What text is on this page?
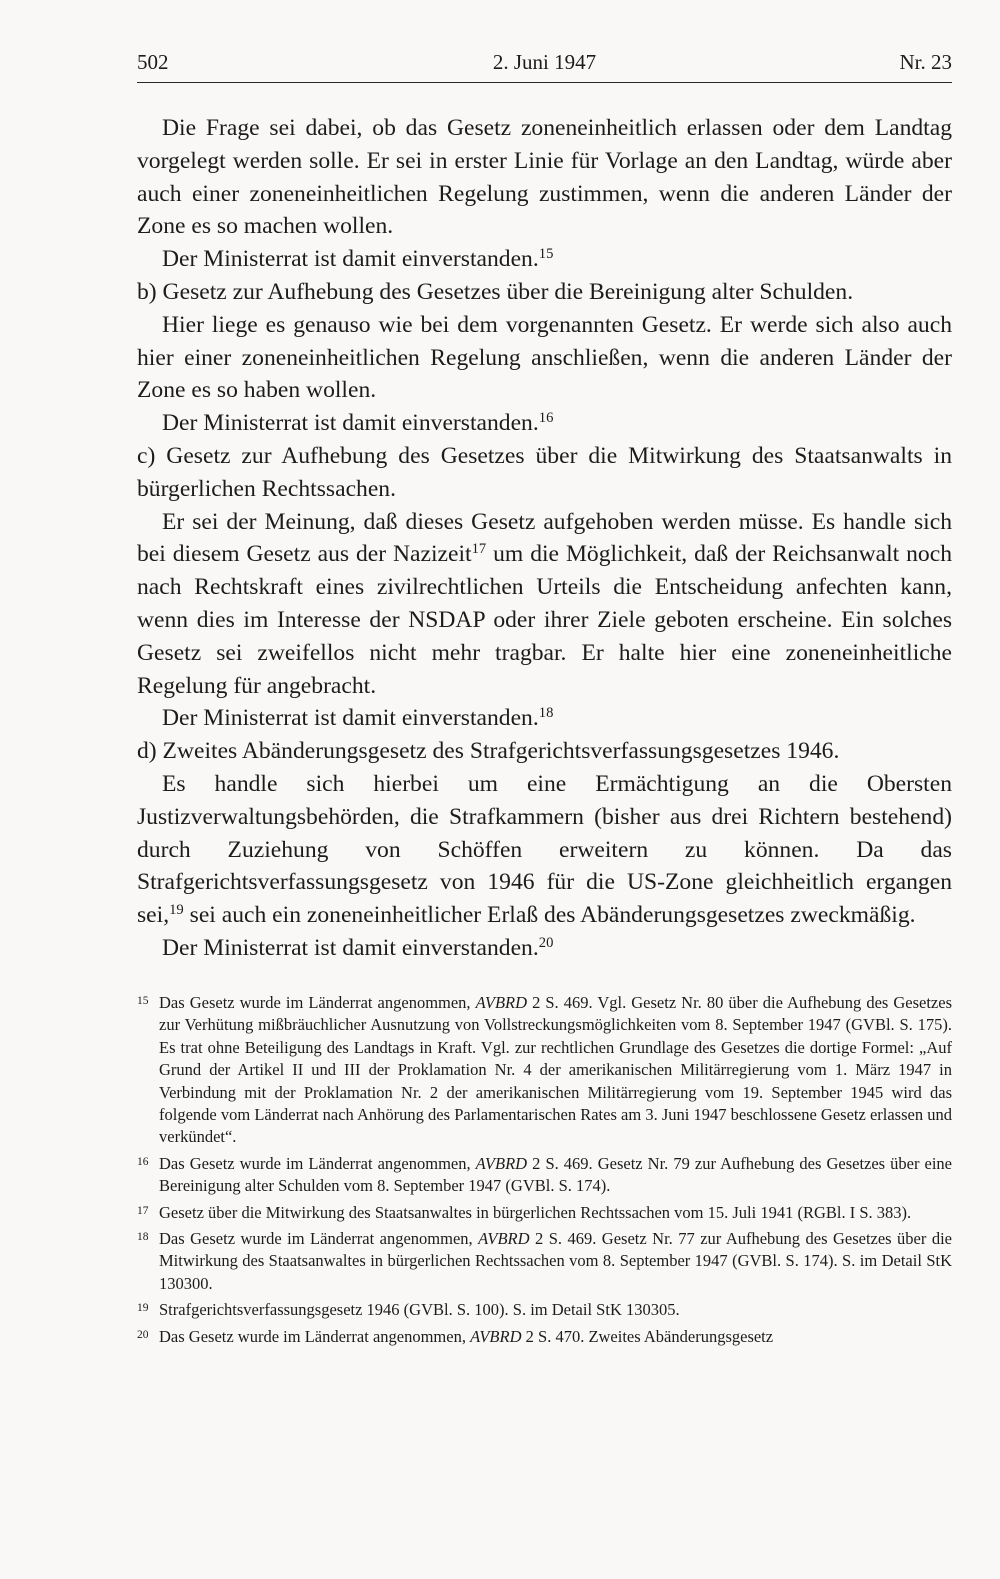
502	2. Juni 1947	Nr. 23

Die Frage sei dabei, ob das Gesetz zoneneinheitlich erlassen oder dem Landtag vorgelegt werden solle. Er sei in erster Linie für Vorlage an den Landtag, würde aber auch einer zoneneinheitlichen Regelung zustimmen, wenn die anderen Länder der Zone es so machen wollen.

Der Ministerrat ist damit einverstanden.$^{15}$

b) Gesetz zur Aufhebung des Gesetzes über die Bereinigung alter Schulden.

Hier liege es genauso wie bei dem vorgenannten Gesetz. Er werde sich also auch hier einer zoneneinheitlichen Regelung anschließen, wenn die anderen Länder der Zone es so haben wollen.

Der Ministerrat ist damit einverstanden.$^{16}$

c) Gesetz zur Aufhebung des Gesetzes über die Mitwirkung des Staatsanwalts in bürgerlichen Rechtssachen.

Er sei der Meinung, daß dieses Gesetz aufgehoben werden müsse. Es handle sich bei diesem Gesetz aus der Nazizeit$^{17}$ um die Möglichkeit, daß der Reichsanwalt noch nach Rechtskraft eines zivilrechtlichen Urteils die Entscheidung anfechten kann, wenn dies im Interesse der NSDAP oder ihrer Ziele geboten erscheine. Ein solches Gesetz sei zweifellos nicht mehr tragbar. Er halte hier eine zoneneinheitliche Regelung für angebracht.

Der Ministerrat ist damit einverstanden.$^{18}$

d) Zweites Abänderungsgesetz des Strafgerichtsverfassungsgesetzes 1946.

Es handle sich hierbei um eine Ermächtigung an die Obersten Justizverwaltungsbehörden, die Strafkammern (bisher aus drei Richtern bestehend) durch Zuziehung von Schöffen erweitern zu können. Da das Strafgerichtsverfassungsgesetz von 1946 für die US-Zone gleichheitlich ergangen sei,$^{19}$ sei auch ein zoneneinheitlicher Erlaß des Abänderungsgesetzes zweckmäßig.

Der Ministerrat ist damit einverstanden.$^{20}$

15 Das Gesetz wurde im Länderrat angenommen, AVBRD 2 S. 469. Vgl. Gesetz Nr. 80 über die Aufhebung des Gesetzes zur Verhütung mißbräuchlicher Ausnutzung von Vollstreckungsmöglichkeiten vom 8. September 1947 (GVBl. S. 175). Es trat ohne Beteiligung des Landtags in Kraft. Vgl. zur rechtlichen Grundlage des Gesetzes die dortige Formel: „Auf Grund der Artikel II und III der Proklamation Nr. 4 der amerikanischen Militärregierung vom 1. März 1947 in Verbindung mit der Proklamation Nr. 2 der amerikanischen Militärregierung vom 19. September 1945 wird das folgende vom Länderrat nach Anhörung des Parlamentarischen Rates am 3. Juni 1947 beschlossene Gesetz erlassen und verkündet“.
16 Das Gesetz wurde im Länderrat angenommen, AVBRD 2 S. 469. Gesetz Nr. 79 zur Aufhebung des Gesetzes über eine Bereinigung alter Schulden vom 8. September 1947 (GVBl. S. 174).
17 Gesetz über die Mitwirkung des Staatsanwaltes in bürgerlichen Rechtssachen vom 15. Juli 1941 (RGBl. I S. 383).
18 Das Gesetz wurde im Länderrat angenommen, AVBRD 2 S. 469. Gesetz Nr. 77 zur Aufhebung des Gesetzes über die Mitwirkung des Staatsanwaltes in bürgerlichen Rechtssachen vom 8. September 1947 (GVBl. S. 174). S. im Detail StK 130300.
19 Strafgerichtsverfassungsgesetz 1946 (GVBl. S. 100). S. im Detail StK 130305.
20 Das Gesetz wurde im Länderrat angenommen, AVBRD 2 S. 470. Zweites Abänderungsgesetz
